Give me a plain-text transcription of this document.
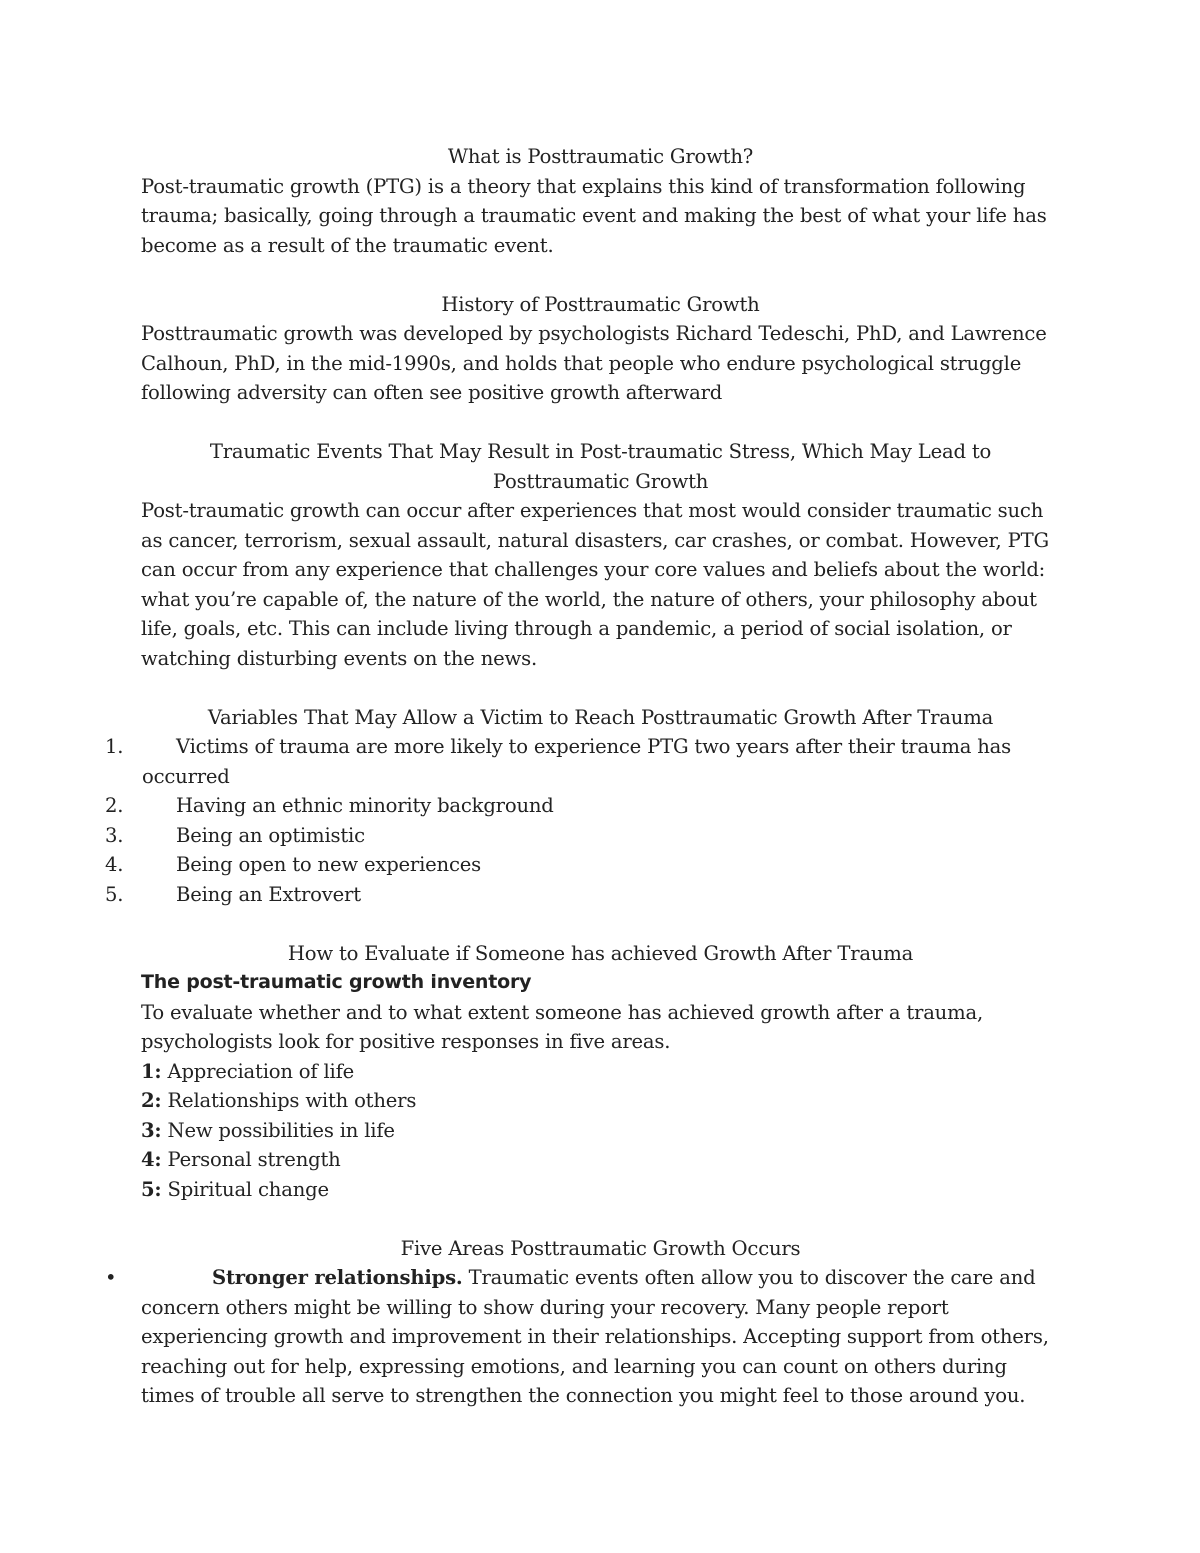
What is Posttraumatic Growth?

Post-traumatic growth (PTG) is a theory that explains this kind of transformation following trauma; basically, going through a traumatic event and making the best of what your life has become as a result of the traumatic event.

History of Posttraumatic Growth

Posttraumatic growth was developed by psychologists Richard Tedeschi, PhD, and Lawrence Calhoun, PhD, in the mid-1990s, and holds that people who endure psychological struggle following adversity can often see positive growth afterward

Traumatic Events That May Result in Post-traumatic Stress, Which May Lead to Posttraumatic Growth

Post-traumatic growth can occur after experiences that most would consider traumatic such as cancer, terrorism, sexual assault, natural disasters, car crashes, or combat. However, PTG can occur from any experience that challenges your core values and beliefs about the world: what you’re capable of, the nature of the world, the nature of others, your philosophy about life, goals, etc. This can include living through a pandemic, a period of social isolation, or watching disturbing events on the news.

Variables That May Allow a Victim to Reach Posttraumatic Growth After Trauma

1.	Victims of trauma are more likely to experience PTG two years after their trauma has
occurred
2.	Having an ethnic minority background
3.	Being an optimistic
4.	Being open to new experiences
5.	Being an Extrovert

How to Evaluate if Someone has achieved Growth After Trauma

The post-traumatic growth inventory

To evaluate whether and to what extent someone has achieved growth after a trauma, psychologists look for positive responses in five areas.

1: Appreciation of life
2: Relationships with others
3: New possibilities in life
4: Personal strength
5: Spiritual change

Five Areas Posttraumatic Growth Occurs

•	Stronger relationships. Traumatic events often allow you to discover the care and concern others might be willing to show during your recovery. Many people report experiencing growth and improvement in their relationships. Accepting support from others, reaching out for help, expressing emotions, and learning you can count on others during times of trouble all serve to strengthen the connection you might feel to those around you.
